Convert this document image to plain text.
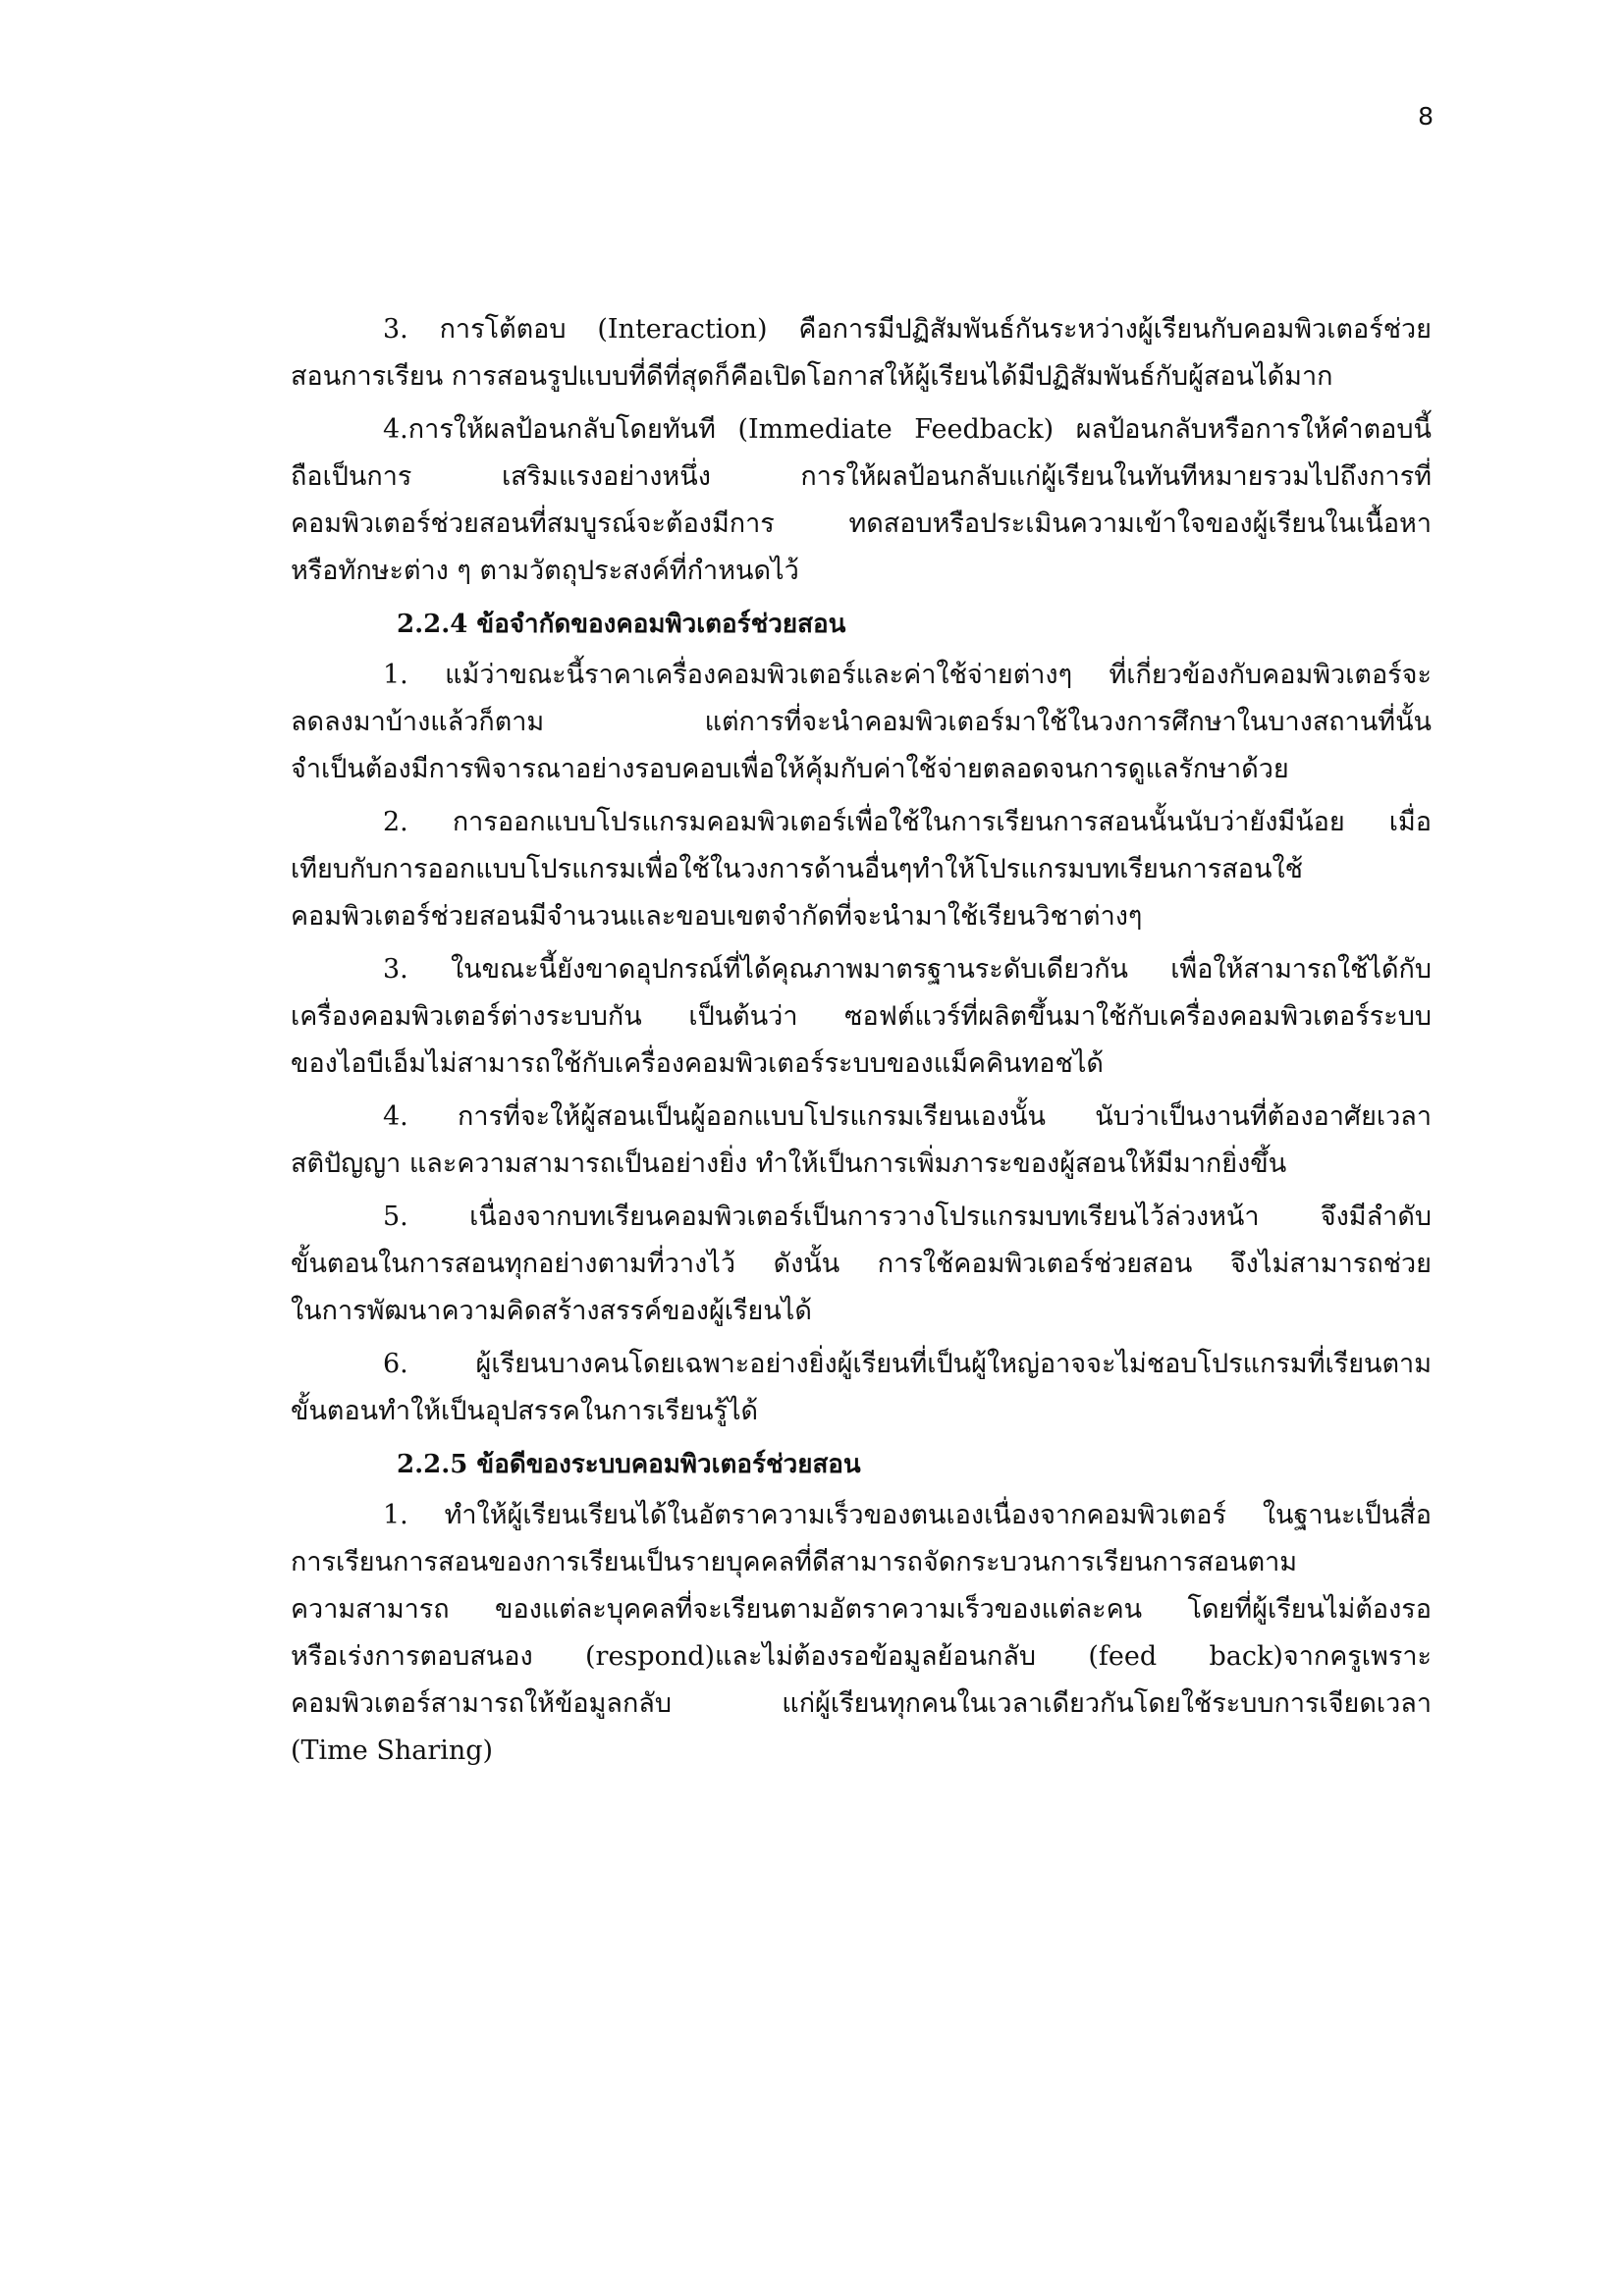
8
3. การโต้ตอบ (Interaction) คือการมีปฏิสัมพันธ์กันระหว่างผู้เรียนกับคอมพิวเตอร์ช่วย
สอนการเรียน การสอนรูปแบบที่ดีที่สุดก็คือเปิดโอกาสให้ผู้เรียนได้มีปฏิสัมพันธ์กับผู้สอนได้มาก
4.การให้ผลป้อนกลับโดยทันที (Immediate Feedback) ผลป้อนกลับหรือการให้คำตอบนี้
ถือเป็นการ เสริมแรงอย่างหนึ่ง การให้ผลป้อนกลับแก่ผู้เรียนในทันทีหมายรวมไปถึงการที่
คอมพิวเตอร์ช่วยสอนที่สมบูรณ์จะต้องมีการ ทดสอบหรือประเมินความเข้าใจของผู้เรียนในเนื้อหา
หรือทักษะต่าง ๆ ตามวัตถุประสงค์ที่กำหนดไว้
2.2.4 ข้อจำกัดของคอมพิวเตอร์ช่วยสอน
1. แม้ว่าขณะนี้ราคาเครื่องคอมพิวเตอร์และค่าใช้จ่ายต่างๆ ที่เกี่ยวข้องกับคอมพิวเตอร์จะ
ลดลงมาบ้างแล้วก็ตาม แต่การที่จะนำคอมพิวเตอร์มาใช้ในวงการศึกษาในบางสถานที่นั้น
จำเป็นต้องมีการพิจารณาอย่างรอบคอบเพื่อให้คุ้มกับค่าใช้จ่ายตลอดจนการดูแลรักษาด้วย
2. การออกแบบโปรแกรมคอมพิวเตอร์เพื่อใช้ในการเรียนการสอนนั้นนับว่ายังมีน้อย เมื่อ
เทียบกับการออกแบบโปรแกรมเพื่อใช้ในวงการด้านอื่นๆทำให้โปรแกรมบทเรียนการสอนใช้
คอมพิวเตอร์ช่วยสอนมีจำนวนและขอบเขตจำกัดที่จะนำมาใช้เรียนวิชาต่างๆ
3. ในขณะนี้ยังขาดอุปกรณ์ที่ได้คุณภาพมาตรฐานระดับเดียวกัน เพื่อให้สามารถใช้ได้กับ
เครื่องคอมพิวเตอร์ต่างระบบกัน เป็นต้นว่า ซอฟต์แวร์ที่ผลิตขึ้นมาใช้กับเครื่องคอมพิวเตอร์ระบบ
ของไอบีเอ็มไม่สามารถใช้กับเครื่องคอมพิวเตอร์ระบบของแม็คคินทอชได้
4. การที่จะให้ผู้สอนเป็นผู้ออกแบบโปรแกรมเรียนเองนั้น นับว่าเป็นงานที่ต้องอาศัยเวลา
สติปัญญา และความสามารถเป็นอย่างยิ่ง ทำให้เป็นการเพิ่มภาระของผู้สอนให้มีมากยิ่งขึ้น
5. เนื่องจากบทเรียนคอมพิวเตอร์เป็นการวางโปรแกรมบทเรียนไว้ล่วงหน้า จึงมีลำดับ
ขั้นตอนในการสอนทุกอย่างตามที่วางไว้ ดังนั้น การใช้คอมพิวเตอร์ช่วยสอน จึงไม่สามารถช่วย
ในการพัฒนาความคิดสร้างสรรค์ของผู้เรียนได้
6. ผู้เรียนบางคนโดยเฉพาะอย่างยิ่งผู้เรียนที่เป็นผู้ใหญ่อาจจะไม่ชอบโปรแกรมที่เรียนตาม
ขั้นตอนทำให้เป็นอุปสรรคในการเรียนรู้ได้
2.2.5 ข้อดีของระบบคอมพิวเตอร์ช่วยสอน
1. ทำให้ผู้เรียนเรียนได้ในอัตราความเร็วของตนเองเนื่องจากคอมพิวเตอร์ ในฐานะเป็นสื่อ
การเรียนการสอนของการเรียนเป็นรายบุคคลที่ดีสามารถจัดกระบวนการเรียนการสอนตาม
ความสามารถ ของแต่ละบุคคลที่จะเรียนตามอัตราความเร็วของแต่ละคน โดยที่ผู้เรียนไม่ต้องรอ
หรือเร่งการตอบสนอง (respond)และไม่ต้องรอข้อมูลย้อนกลับ (feed back)จากครูเพราะ
คอมพิวเตอร์สามารถให้ข้อมูลกลับ แก่ผู้เรียนทุกคนในเวลาเดียวกันโดยใช้ระบบการเจียดเวลา
(Time Sharing)
